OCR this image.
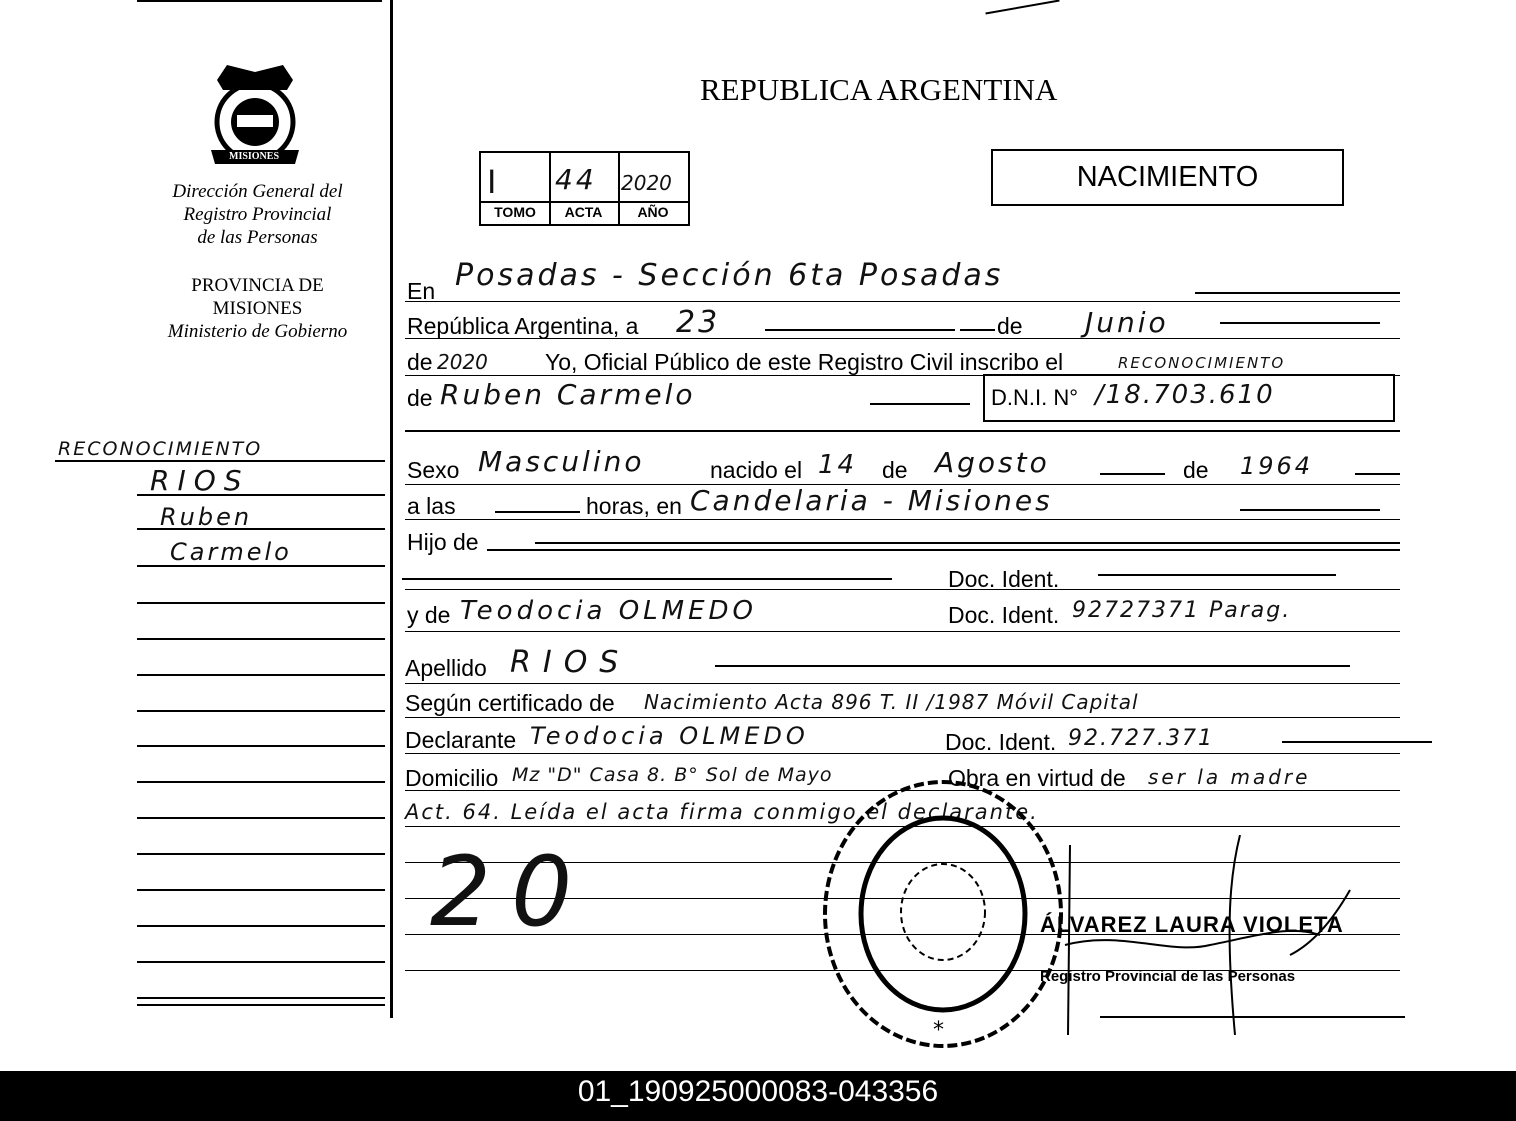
MISIONES
Dirección General del
Registro Provincial
de las Personas
PROVINCIA DE
MISIONES
Ministerio de Gobierno
RECONOCIMIENTO
RIOS
Ruben
Carmelo
REPUBLICA ARGENTINA
I 44 2020
TOMO	ACTA	AÑO
NACIMIENTO
En Posadas - Sección 6ta Posadas
República Argentina, a 23	de Junio
de 2020 Yo, Oficial Público de este Registro Civil inscribo el	RECONOCIMIENTO
de Ruben Carmelo	D.N.I. N° /18.703.610
Sexo Masculino	nacido el 14 de Agosto	de 1964
a las	horas, en Candelaria - Misiones
Hijo de
Doc. Ident.
y de Teodocia OLMEDO	Doc. Ident. 92727371 Parag.
Apellido RIOS
Según certificado de Nacimiento Acta 896 T. II /1987 Móvil Capital
Declarante Teodocia OLMEDO	Doc. Ident. 92.727.371
Domicilio Mz "D" Casa 8. B° Sol de Mayo	Obra en virtud de ser la madre
Act. 64. Leída el acta firma conmigo el declarante.
20
*
ÁLVAREZ LAURA VIOLETA
Registro Provincial de las Personas
01_190925000083-043356
